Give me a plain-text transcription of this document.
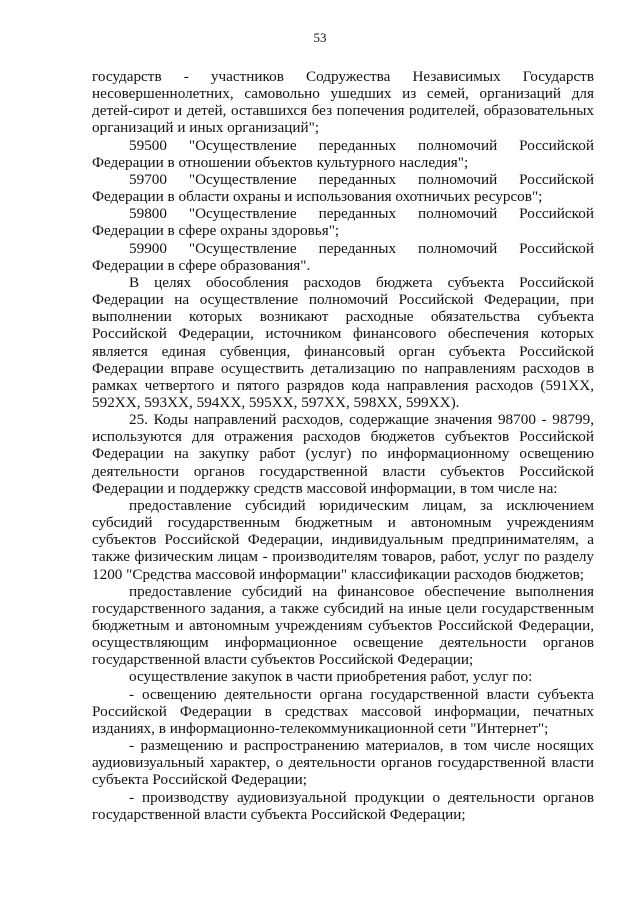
53

государств - участников Содружества Независимых Государств несовершеннолетних, самовольно ушедших из семей, организаций для детей-сирот и детей, оставшихся без попечения родителей, образовательных организаций и иных организаций";

59500 "Осуществление переданных полномочий Российской Федерации в отношении объектов культурного наследия";

59700 "Осуществление переданных полномочий Российской Федерации в области охраны и использования охотничьих ресурсов";

59800 "Осуществление переданных полномочий Российской Федерации в сфере охраны здоровья";

59900 "Осуществление переданных полномочий Российской Федерации в сфере образования".

В целях обособления расходов бюджета субъекта Российской Федерации на осуществление полномочий Российской Федерации, при выполнении которых возникают расходные обязательства субъекта Российской Федерации, источником финансового обеспечения которых является единая субвенция, финансовый орган субъекта Российской Федерации вправе осуществить детализацию по направлениям расходов в рамках четвертого и пятого разрядов кода направления расходов (591XX, 592XX, 593XX, 594XX, 595XX, 597XX, 598XX, 599XX).

25. Коды направлений расходов, содержащие значения 98700 - 98799, используются для отражения расходов бюджетов субъектов Российской Федерации на закупку работ (услуг) по информационному освещению деятельности органов государственной власти субъектов Российской Федерации и поддержку средств массовой информации, в том числе на:

предоставление субсидий юридическим лицам, за исключением субсидий государственным бюджетным и автономным учреждениям субъектов Российской Федерации, индивидуальным предпринимателям, а также физическим лицам - производителям товаров, работ, услуг по разделу 1200 "Средства массовой информации" классификации расходов бюджетов;

предоставление субсидий на финансовое обеспечение выполнения государственного задания, а также субсидий на иные цели государственным бюджетным и автономным учреждениям субъектов Российской Федерации, осуществляющим информационное освещение деятельности органов государственной власти субъектов Российской Федерации;

осуществление закупок в части приобретения работ, услуг по:

- освещению деятельности органа государственной власти субъекта Российской Федерации в средствах массовой информации, печатных изданиях, в информационно-телекоммуникационной сети "Интернет";

- размещению и распространению материалов, в том числе носящих аудиовизуальный характер, о деятельности органов государственной власти субъекта Российской Федерации;

- производству аудиовизуальной продукции о деятельности органов государственной власти субъекта Российской Федерации;
